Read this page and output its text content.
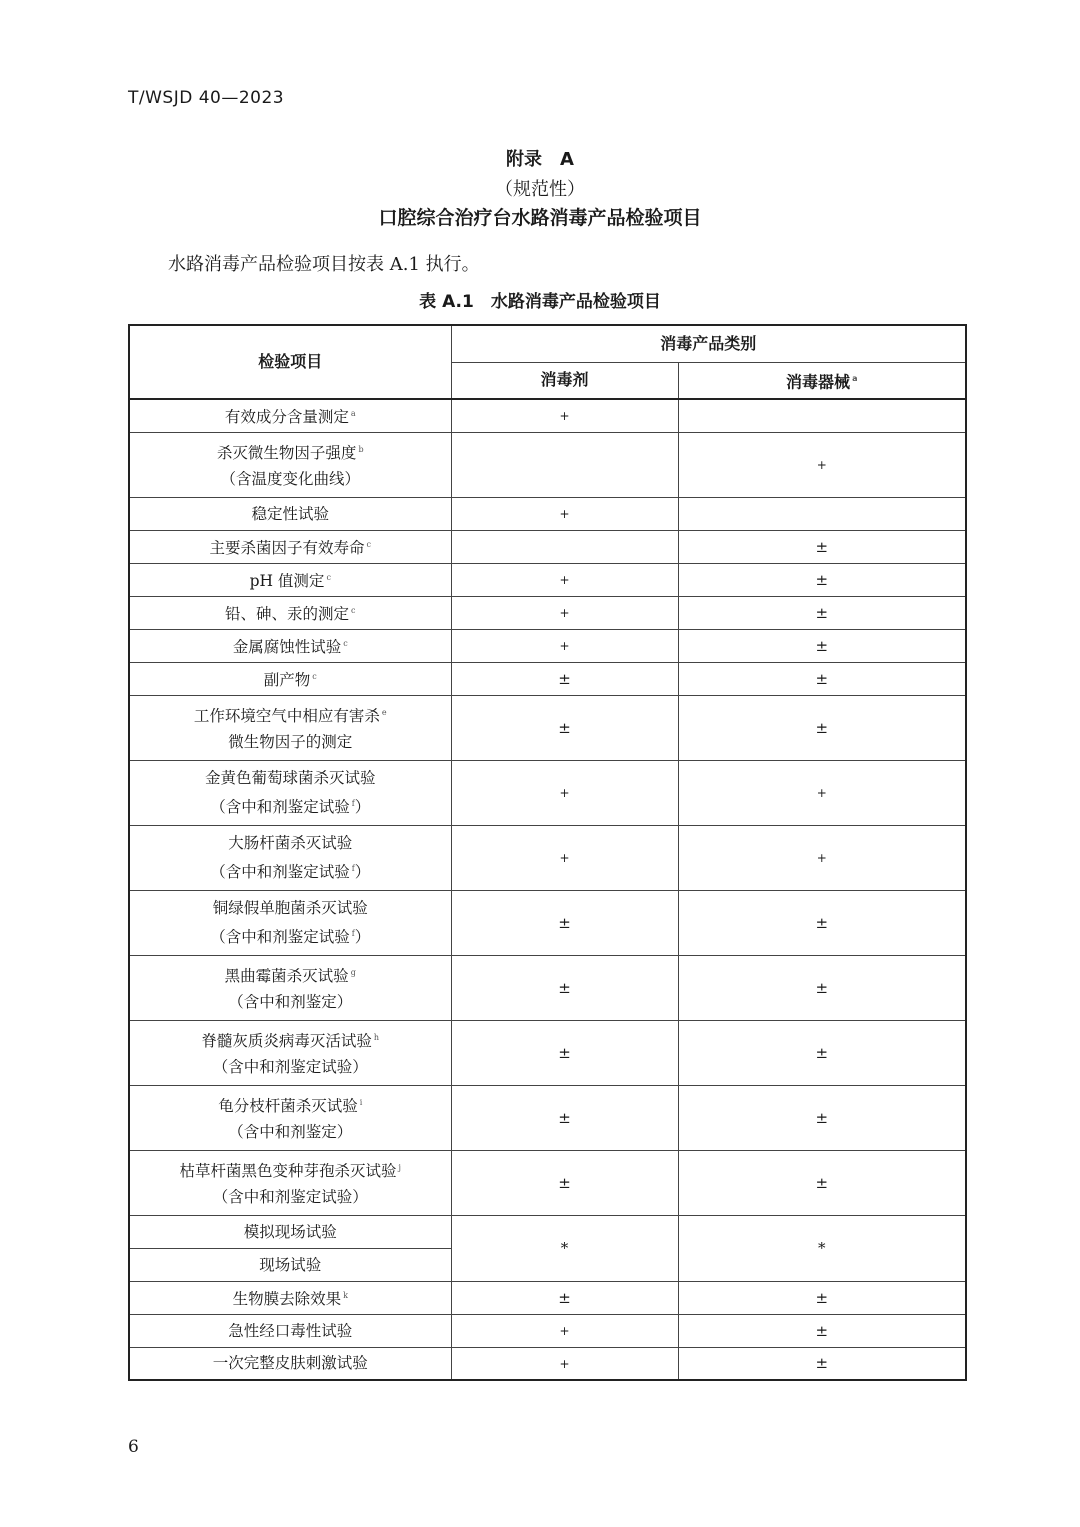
T/WSJD 40—2023
附录　A
（规范性）
口腔综合治疗台水路消毒产品检验项目
水路消毒产品检验项目按表 A.1 执行。
表 A.1　水路消毒产品检验项目
检验项目	消毒产品类别	
	消毒剂	消毒器械 $^a$

有效成分含量测定 $^a$	+	

杀灭微生物因子强度 $^b$
（含温度变化曲线）		+

稳定性试验	+	

主要杀菌因子有效寿命 $^c$		±

pH 值测定 $^c$	+	±

铅、砷、汞的测定 $^c$	+	±

金属腐蚀性试验 $^c$	+	±

副产物 $^c$	±	±

工作环境空气中相应有害杀 $^e$
微生物因子的测定	±	±

金黄色葡萄球菌杀灭试验
（含中和剂鉴定试验 $^f$）	+	+

大肠杆菌杀灭试验
（含中和剂鉴定试验 $^f$）	+	+

铜绿假单胞菌杀灭试验
（含中和剂鉴定试验 $^f$）	±	±

黑曲霉菌杀灭试验 $^g$
（含中和剂鉴定）	±	±

脊髓灰质炎病毒灭活试验 $^h$
（含中和剂鉴定试验）	±	±

龟分枝杆菌杀灭试验 $^i$
（含中和剂鉴定）	±	±

枯草杆菌黑色变种芽孢杀灭试验 $^j$
（含中和剂鉴定试验）	±	±

模拟现场试验	*	*

现场试验		

生物膜去除效果 $^k$	±	±

急性经口毒性试验	+	±

一次完整皮肤刺激试验	+	±
6
